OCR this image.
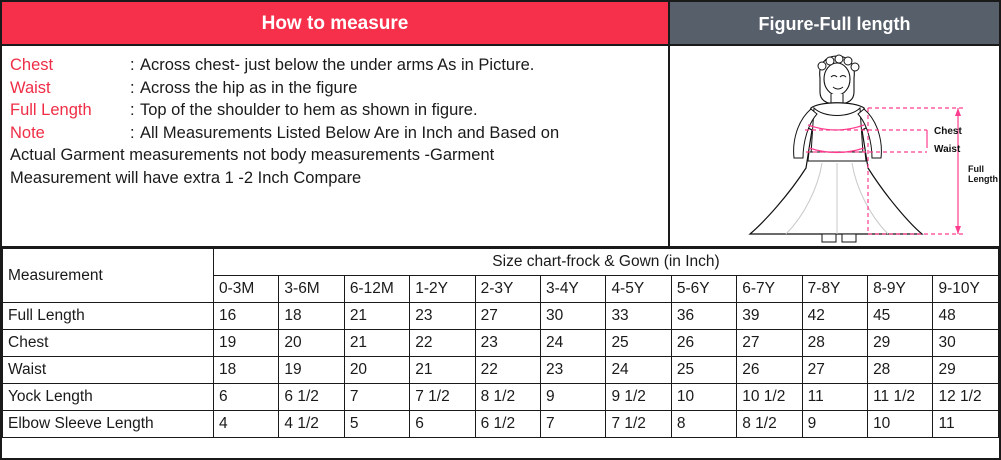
How to measure
Chest	: Across chest- just below the under arms As in Picture.
Waist	: Across the hip as in the figure
Full Length	: Top of the shoulder to hem as shown in figure.
Note	: All Measurements Listed Below Are in Inch and Based on
Actual Garment measurements not body measurements -Garment
Measurement will have extra 1 -2 Inch Compare
Figure-Full length
Chest
Waist
Full
Length
Measurement	Size chart-frock & Gown (in Inch)											
	0-3M	3-6M	6-12M	1-2Y	2-3Y	3-4Y	4-5Y	5-6Y	6-7Y	7-8Y	8-9Y	9-10Y
Full Length	16	18	21	23	27	30	33	36	39	42	45	48
Chest	19	20	21	22	23	24	25	26	27	28	29	30
Waist	18	19	20	21	22	23	24	25	26	27	28	29
Yock Length	6	6 1/2	7	7 1/2	8 1/2	9	9 1/2	10	10 1/2	11	11 1/2	12 1/2
Elbow Sleeve Length	4	4 1/2	5	6	6 1/2	7	7 1/2	8	8 1/2	9	10	11
